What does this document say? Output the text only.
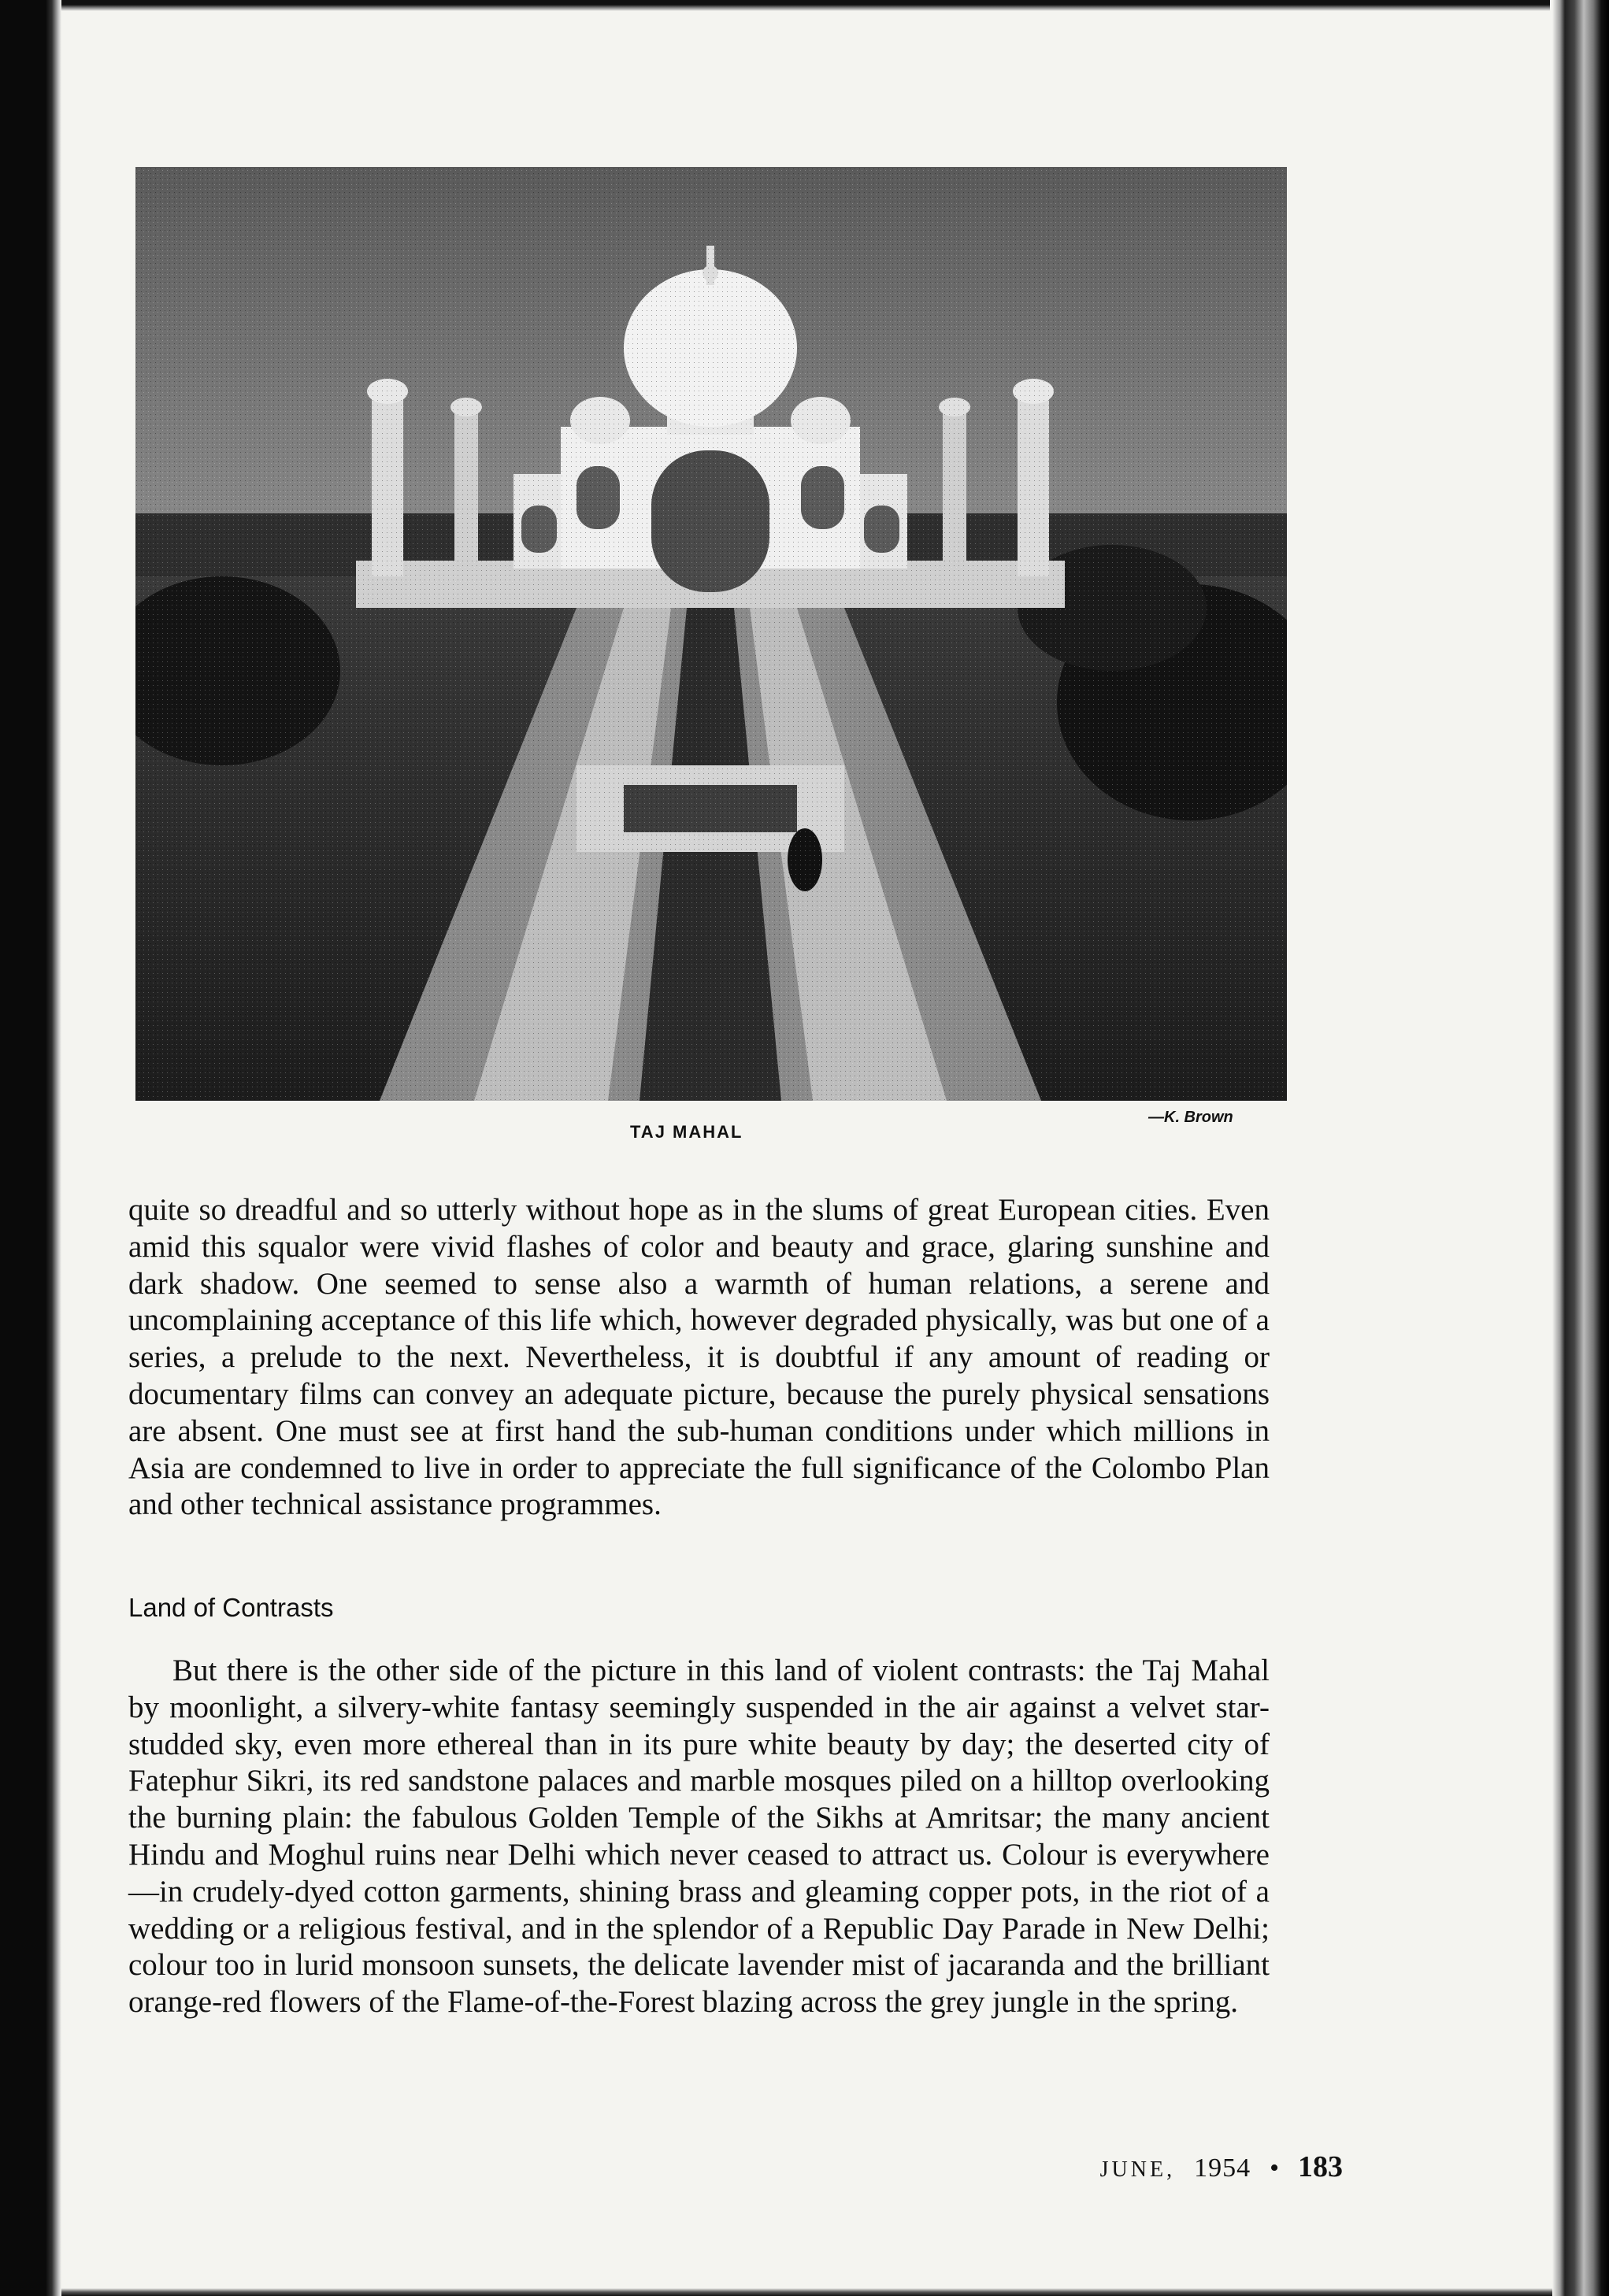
TAJ MAHAL
—K. Brown

quite so dreadful and so utterly without hope as in the slums of great European cities. Even amid this squalor were vivid flashes of color and beauty and grace, glaring sunshine and dark shadow. One seemed to sense also a warmth of human relations, a serene and uncomplaining acceptance of this life which, however degraded physically, was but one of a series, a prelude to the next. Nevertheless, it is doubtful if any amount of reading or documentary films can convey an adequate picture, because the purely physical sensations are absent. One must see at first hand the sub-human conditions under which millions in Asia are condemned to live in order to appreciate the full significance of the Colombo Plan and other technical assistance programmes.

Land of Contrasts

But there is the other side of the picture in this land of violent contrasts: the Taj Mahal by moonlight, a silvery-white fantasy seemingly suspended in the air against a velvet star-studded sky, even more ethereal than in its pure white beauty by day; the deserted city of Fatephur Sikri, its red sandstone palaces and marble mosques piled on a hilltop overlooking the burning plain: the fabulous Golden Temple of the Sikhs at Amritsar; the many ancient Hindu and Moghul ruins near Delhi which never ceased to attract us. Colour is everywhere—in crudely-dyed cotton garments, shining brass and gleaming copper pots, in the riot of a wedding or a religious festival, and in the splendor of a Republic Day Parade in New Delhi; colour too in lurid monsoon sunsets, the delicate lavender mist of jacaranda and the brilliant orange-red flowers of the Flame-of-the-Forest blazing across the grey jungle in the spring.

JUNE, 1954 • 183
